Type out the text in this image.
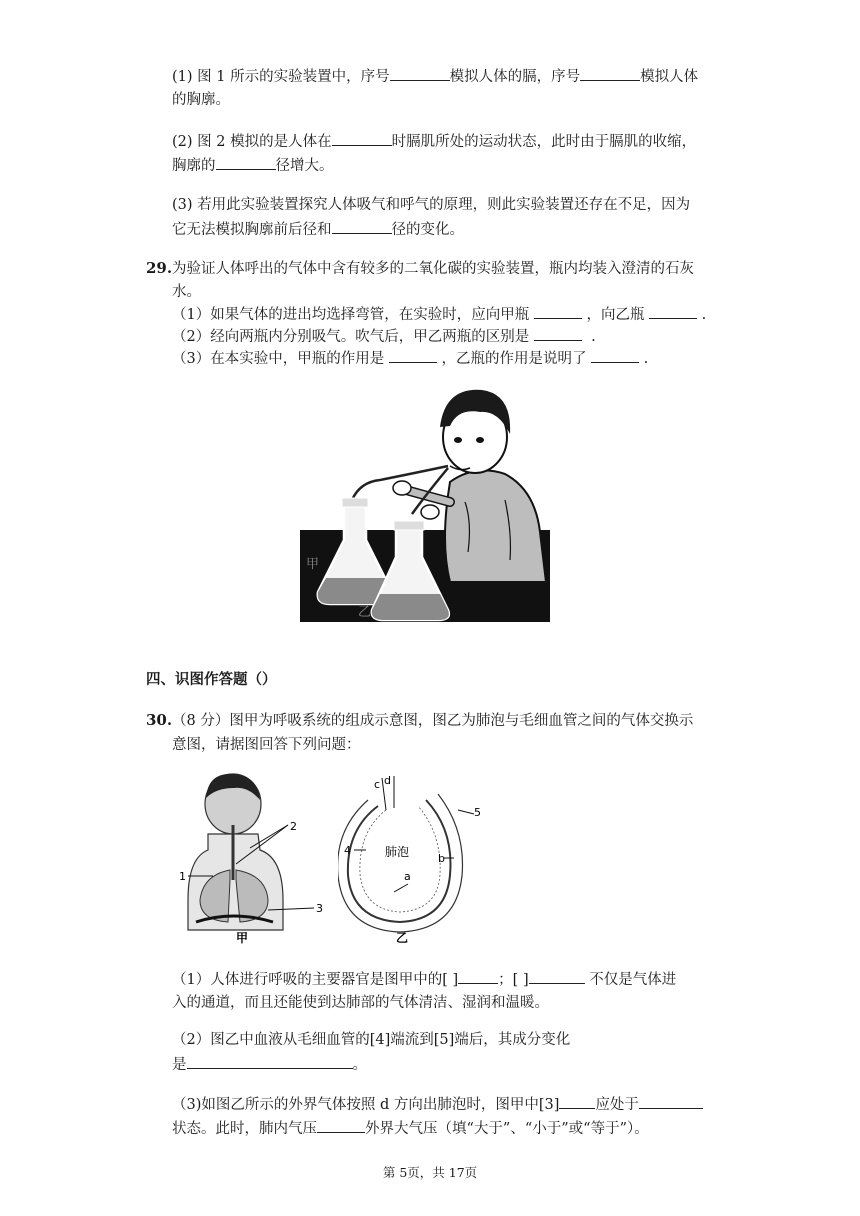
(1) 图 1 所示的实验装置中，序号	模拟人体的膈，序号	模拟人体
的胸廓。
(2) 图 2 模拟的是人体在	时膈肌所处的运动状态，此时由于膈肌的收缩，
胸廓的	径增大。
(3) 若用此实验装置探究人体吸气和呼气的原理，则此实验装置还存在不足，因为
它无法模拟胸廓前后径和	径的变化。
29. 为验证人体呼出的气体中含有较多的二氧化碳的实验装置，瓶内均装入澄清的石灰
水。
（1）如果气体的进出均选择弯管，在实验时，应向甲瓶	，向乙瓶	.
（2）经向两瓶内分别吸气。吹气后，甲乙两瓶的区别是	.
（3）在本实验中，甲瓶的作用是	，乙瓶的作用是说明了	.
甲
乙
四、识图作答题（）
30. （8 分）图甲为呼吸系统的组成示意图，图乙为肺泡与毛细血管之间的气体交换示
意图，请据图回答下列问题：
2
1
3
甲
c d
4
5
肺泡
a
b
乙
（1）人体进行呼吸的主要器官是图甲中的[ ]	；[ ]	不仅是气体进
入的通道，而且还能使到达肺部的气体清洁、湿润和温暖。
（2）图乙中血液从毛细血管的[4]端流到[5]端后，其成分变化
是	。
（3)如图乙所示的外界气体按照 d 方向出肺泡时，图甲中[3] 应处于
状态。此时，肺内气压	外界大气压（填“大于”、“小于”或“等于”）。
第 5页，共 17页
